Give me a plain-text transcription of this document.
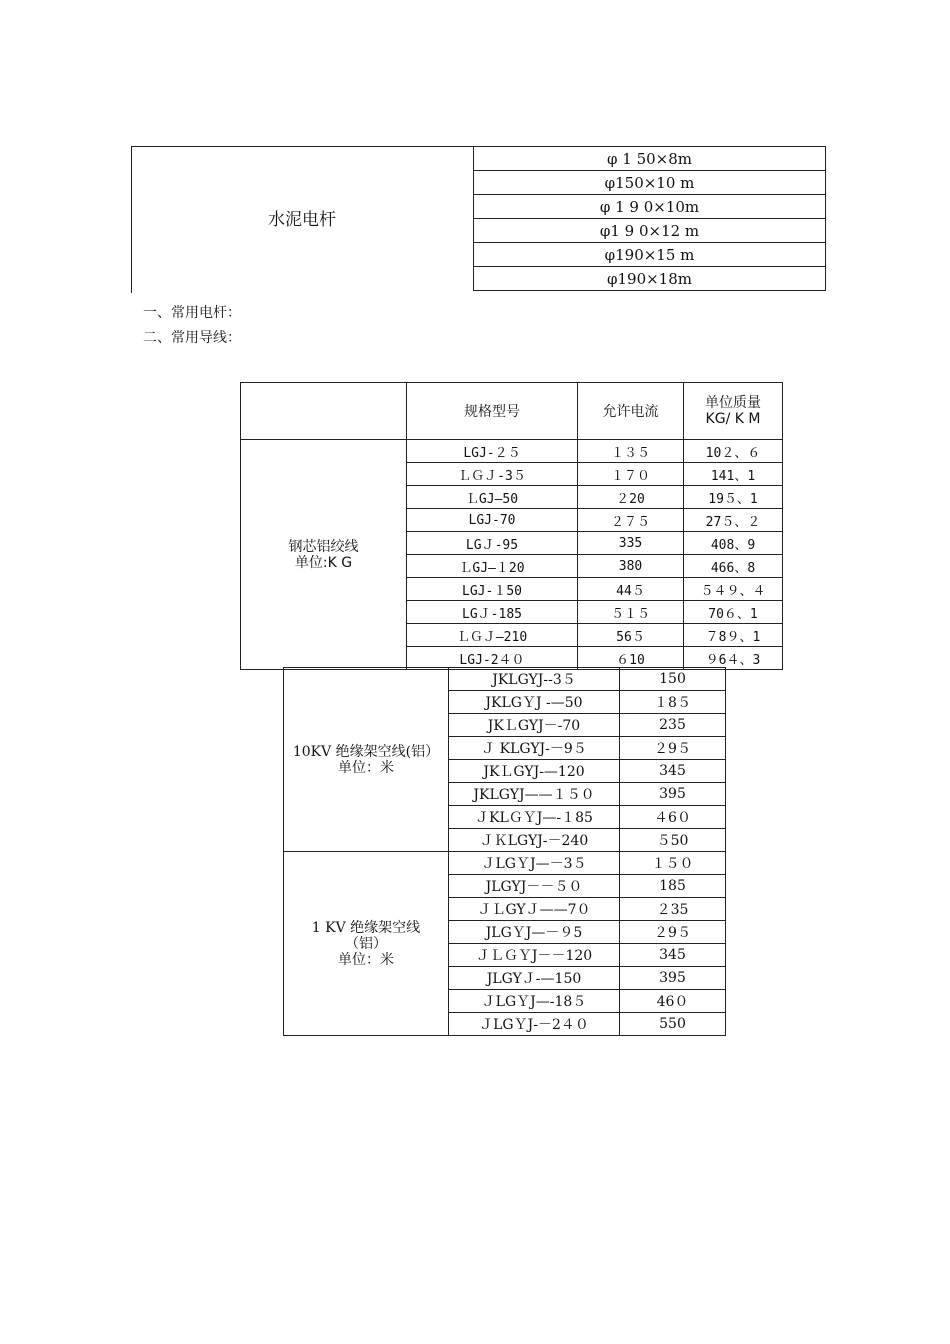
水泥电杆
φ 1 50×8m
φ150×10 m
φ 1 9 0×10m
φ1 9 0×12 m
φ190×15 m
φ190×18m
一、常用电杆：
二、常用导线：
	规格型号	允许电流	单位质量
KG/ K M
钢芯铝绞线
单位:K G	LGJ-２５	１３５	10２、６
	ＬＧＪ-3５	１７０	141、1
	ＬGJ—50	２20	19５、1
	LGJ-70	２７５	27５、２
	LGＪ-95	335	408、9
	ＬGJ—１20	380	466、8
	LGJ-１50	44５	５４９、４
	LGＪ-185	５１５	70６、1
	ＬＧＪ—210	56５	７8９、1
	LGJ-2４０	６10	９6４、3
10KV 绝缘架空线(铝）
单位：米	JKLGYJ--3５	150
	JKLGＹJ -—50	１8５
	JKＬGYJ－-70	235
	Ｊ KLGYJ-－9５	２9５
	JKＬGYJ-—120	345
	JKLGYJ——１５０	395
	ＪKLＧＹJ—-１85	４6０
	ＪＫLGYJ-－240	５50
1 KV 绝缘架空线
（铝）
单位：米	ＪLGＹJ—－3５	１５０
	JLGYJ－－５０	185
	ＪＬGYＪ——7０	２35
	JLGＹJ—－９5	２9５
	ＪＬＧＹJ－－120	345
	JLGYＪ-—150	395
	ＪLGＹJ—-18５	46０
	ＪLGＹJ-－2４０	550
